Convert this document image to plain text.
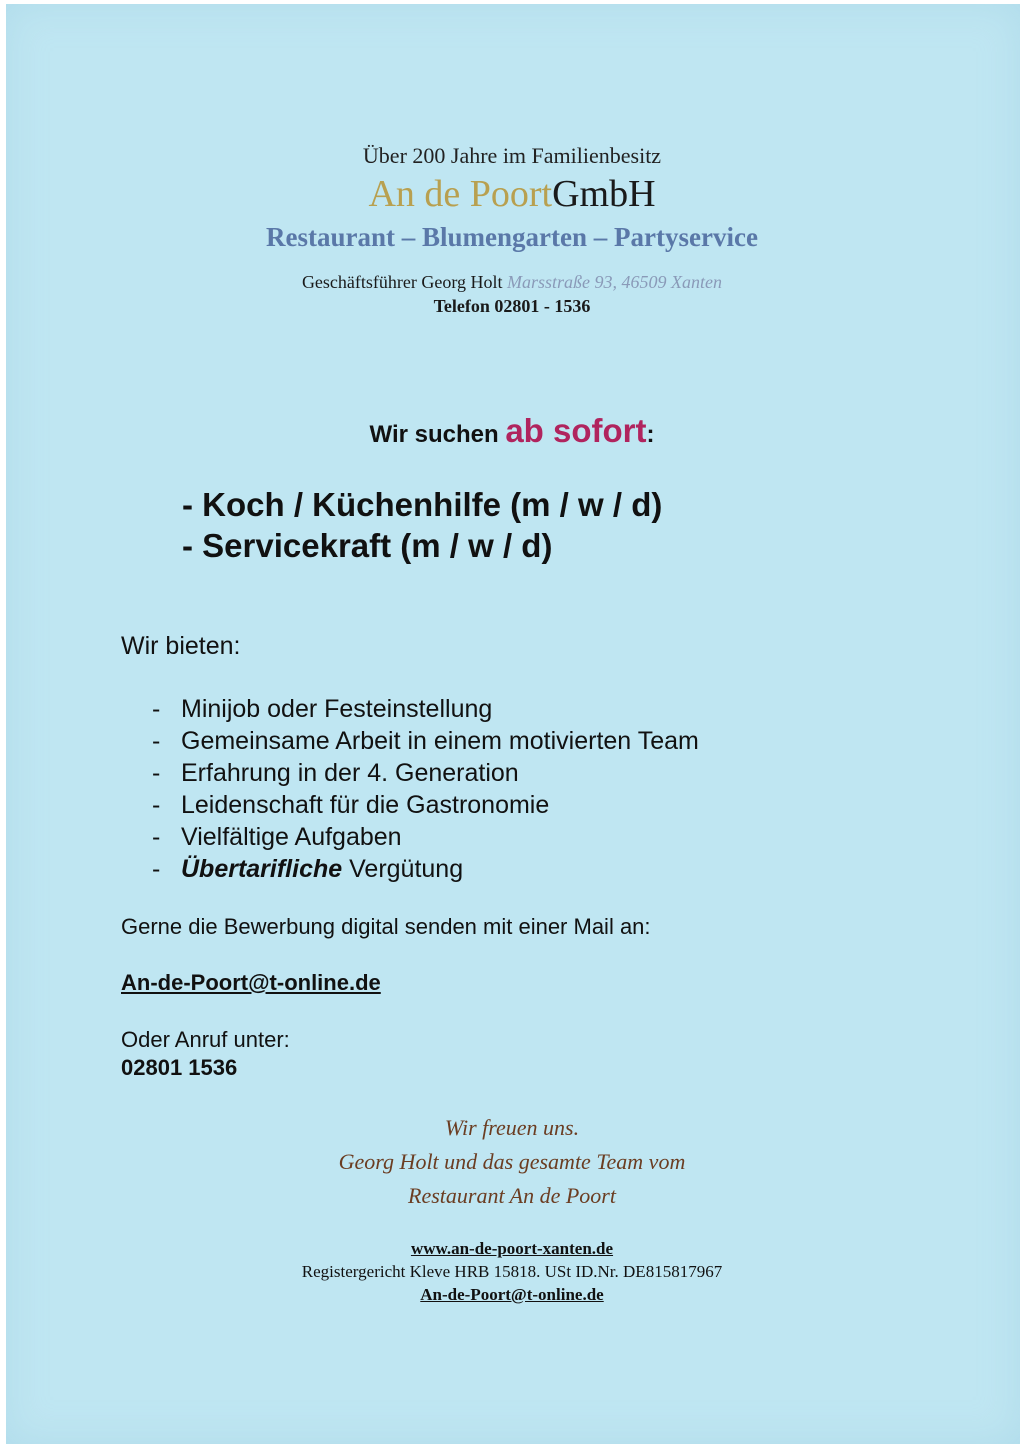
Über 200 Jahre im Familienbesitz
An de PoortGmbH
Restaurant – Blumengarten – Partyservice
Geschäftsführer Georg Holt Marsstraße 93, 46509 Xanten
Telefon 02801 - 1536
Wir suchen ab sofort:
- Koch / Küchenhilfe (m / w / d)
- Servicekraft (m / w / d)
Wir bieten:
- Minijob oder Festeinstellung
- Gemeinsame Arbeit in einem motivierten Team
- Erfahrung in der 4. Generation
- Leidenschaft für die Gastronomie
- Vielfältige Aufgaben
- Übertarifliche Vergütung
Gerne die Bewerbung digital senden mit einer Mail an:
An-de-Poort@t-online.de
Oder Anruf unter:
02801 1536
Wir freuen uns.
Georg Holt und das gesamte Team vom
Restaurant An de Poort
www.an-de-poort-xanten.de
Registergericht Kleve HRB 15818. USt ID.Nr. DE815817967
An-de-Poort@t-online.de
